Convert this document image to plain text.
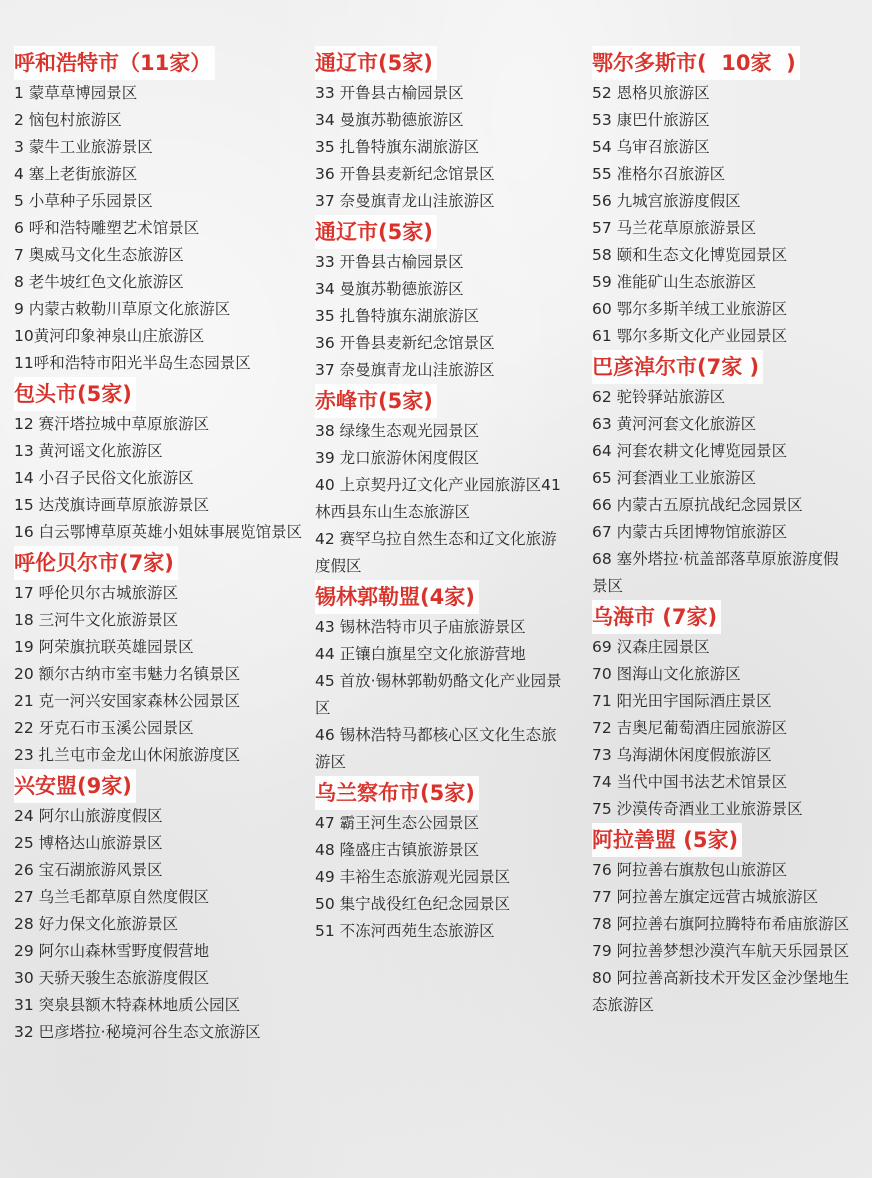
呼和浩特市（11家）
1 蒙草草博园景区
2 恼包村旅游区
3 蒙牛工业旅游景区
4 塞上老街旅游区
5 小草种子乐园景区
6 呼和浩特雕塑艺术馆景区
7 奥威马文化生态旅游区
8 老牛坡红色文化旅游区
9 内蒙古敕勒川草原文化旅游区
10黄河印象神泉山庄旅游区
11呼和浩特市阳光半岛生态园景区
包头市(5家)
12 赛汗塔拉城中草原旅游区
13 黄河谣文化旅游区
14 小召子民俗文化旅游区
15 达茂旗诗画草原旅游景区
16 白云鄂博草原英雄小姐妹事展览馆景区
呼伦贝尔市(7家)
17 呼伦贝尔古城旅游区
18 三河牛文化旅游景区
19 阿荣旗抗联英雄园景区
20 额尔古纳市室韦魅力名镇景区
21 克一河兴安国家森林公园景区
22 牙克石市玉溪公园景区
23 扎兰屯市金龙山休闲旅游度区
兴安盟(9家)
24 阿尔山旅游度假区
25 博格达山旅游景区
26 宝石湖旅游风景区
27 乌兰毛都草原自然度假区
28 好力保文化旅游景区
29 阿尔山森林雪野度假营地
30 天骄天骏生态旅游度假区
31 突泉县额木特森林地质公园区
32 巴彦塔拉·秘境河谷生态文旅游区
通辽市(5家)
33 开鲁县古榆园景区
34 曼旗苏勒德旅游区
35 扎鲁特旗东湖旅游区
36 开鲁县麦新纪念馆景区
37 奈曼旗青龙山洼旅游区
通辽市(5家)
33 开鲁县古榆园景区
34 曼旗苏勒德旅游区
35 扎鲁特旗东湖旅游区
36 开鲁县麦新纪念馆景区
37 奈曼旗青龙山洼旅游区
赤峰市(5家)
38 绿缘生态观光园景区
39 龙口旅游休闲度假区
40 上京契丹辽文化产业园旅游区41 林西县东山生态旅游区
42 赛罕乌拉自然生态和辽文化旅游度假区
锡林郭勒盟(4家)
43 锡林浩特市贝子庙旅游景区
44 正镶白旗星空文化旅游营地
45 首放·锡林郭勒奶酪文化产业园景区
46 锡林浩特马都核心区文化生态旅游区
乌兰察布市(5家)
47 霸王河生态公园景区
48 隆盛庄古镇旅游景区
49 丰裕生态旅游观光园景区
50 集宁战役红色纪念园景区
51 不冻河西苑生态旅游区
鄂尔多斯市(  10家  )
52 恩格贝旅游区
53 康巴什旅游区
54 乌审召旅游区
55 准格尔召旅游区
56 九城宫旅游度假区
57 马兰花草原旅游景区
58 颐和生态文化博览园景区
59 准能矿山生态旅游区
60 鄂尔多斯羊绒工业旅游区
61 鄂尔多斯文化产业园景区
巴彦淖尔市(7家 )
62 驼铃驿站旅游区
63 黄河河套文化旅游区
64 河套农耕文化博览园景区
65 河套酒业工业旅游区
66 内蒙古五原抗战纪念园景区
67 内蒙古兵团博物馆旅游区
68 塞外塔拉·杭盖部落草原旅游度假景区
乌海市 (7家)
69 汉森庄园景区
70 图海山文化旅游区
71 阳光田宇国际酒庄景区
72 吉奥尼葡萄酒庄园旅游区
73 乌海湖休闲度假旅游区
74 当代中国书法艺术馆景区
75 沙漠传奇酒业工业旅游景区
阿拉善盟 (5家)
76 阿拉善右旗敖包山旅游区
77 阿拉善左旗定远营古城旅游区
78 阿拉善右旗阿拉腾特布希庙旅游区
79 阿拉善梦想沙漠汽车航天乐园景区
80 阿拉善高新技术开发区金沙堡地生态旅游区
